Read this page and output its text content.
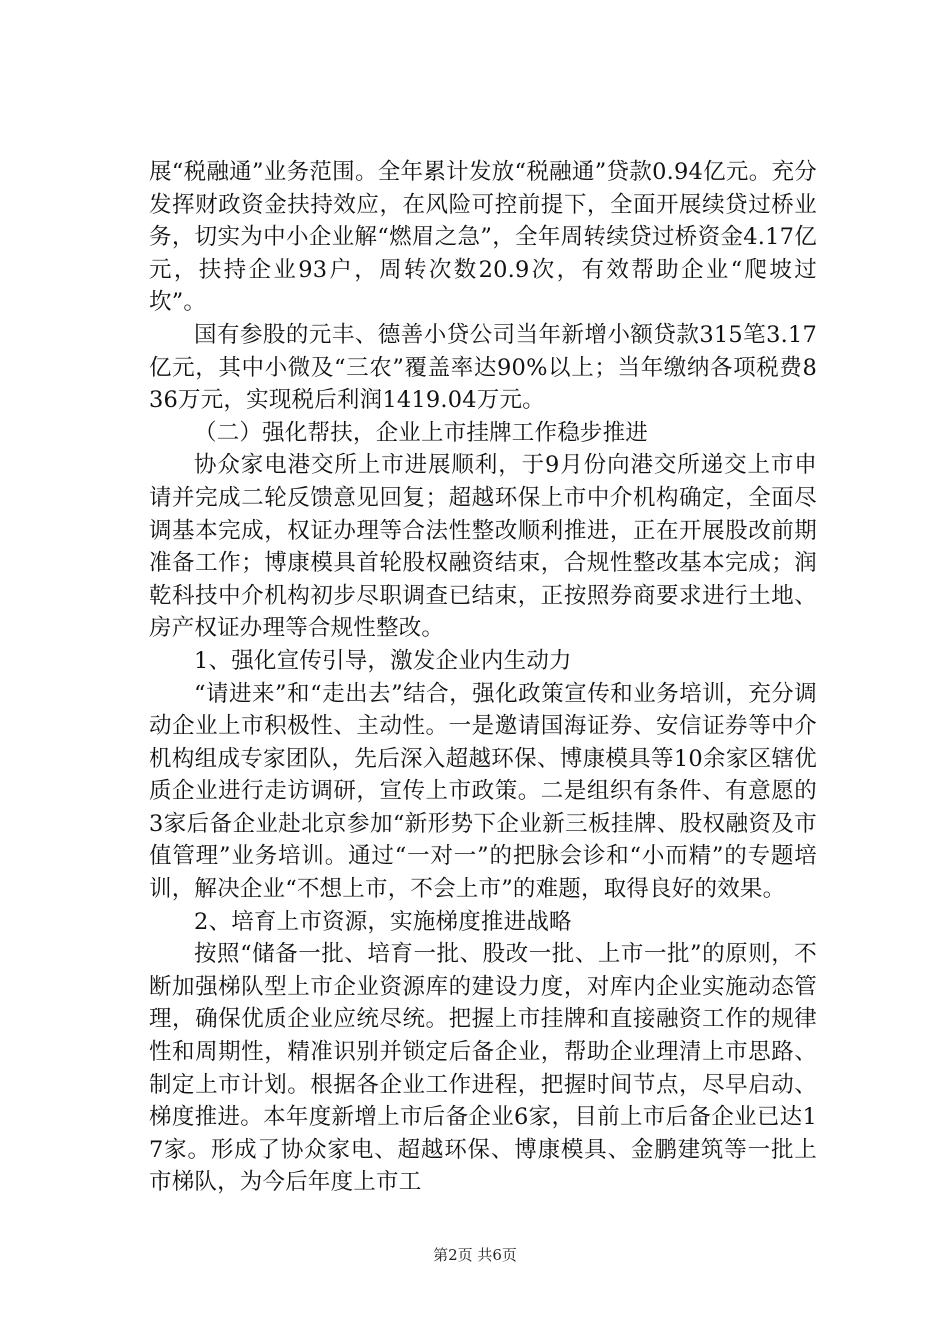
展“税融通”业务范围。全年累计发放“税融通”贷款0.94亿元。充分发挥财政资金扶持效应，在风险可控前提下，全面开展续贷过桥业务，切实为中小企业解“燃眉之急”，全年周转续贷过桥资金4.17亿元，扶持企业93户，周转次数20.9次，有效帮助企业“爬坡过坎”。

国有参股的元丰、德善小贷公司当年新增小额贷款315笔3.17亿元，其中小微及“三农”覆盖率达90%以上；当年缴纳各项税费836万元，实现税后利润1419.04万元。

（二）强化帮扶，企业上市挂牌工作稳步推进

协众家电港交所上市进展顺利，于9月份向港交所递交上市申请并完成二轮反馈意见回复；超越环保上市中介机构确定，全面尽调基本完成，权证办理等合法性整改顺利推进，正在开展股改前期准备工作；博康模具首轮股权融资结束，合规性整改基本完成；润乾科技中介机构初步尽职调查已结束，正按照券商要求进行土地、房产权证办理等合规性整改。

1、强化宣传引导，激发企业内生动力

“请进来”和“走出去”结合，强化政策宣传和业务培训，充分调动企业上市积极性、主动性。一是邀请国海证券、安信证券等中介机构组成专家团队，先后深入超越环保、博康模具等10余家区辖优质企业进行走访调研，宣传上市政策。二是组织有条件、有意愿的3家后备企业赴北京参加“新形势下企业新三板挂牌、股权融资及市值管理”业务培训。通过“一对一”的把脉会诊和“小而精”的专题培训，解决企业“不想上市，不会上市”的难题，取得良好的效果。

2、培育上市资源，实施梯度推进战略

按照“储备一批、培育一批、股改一批、上市一批”的原则，不断加强梯队型上市企业资源库的建设力度，对库内企业实施动态管理，确保优质企业应统尽统。把握上市挂牌和直接融资工作的规律性和周期性，精准识别并锁定后备企业，帮助企业理清上市思路、制定上市计划。根据各企业工作进程，把握时间节点，尽早启动、梯度推进。本年度新增上市后备企业6家，目前上市后备企业已达17家。形成了协众家电、超越环保、博康模具、金鹏建筑等一批上市梯队，为今后年度上市工

第2页 共6页
